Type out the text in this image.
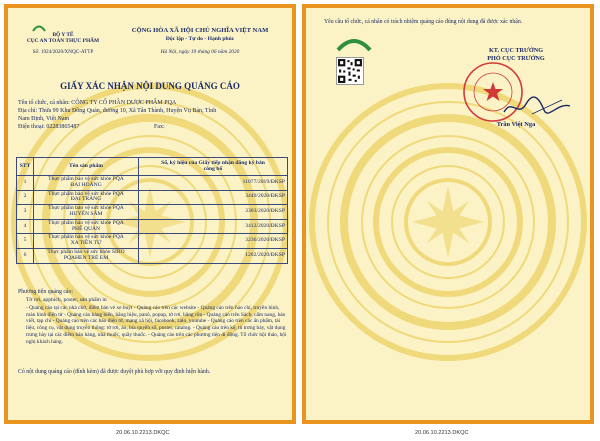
BỘ Y TẾ
CỤC AN TOÀN THỰC PHẨM
CỘNG HÒA XÃ HỘI CHỦ NGHĨA VIỆT NAM
Độc lập - Tự do - Hạnh phúc
Số: 1924/2020/XNQC-ATTP	Hà Nội, ngày 19 tháng 06 năm 2020
GIẤY XÁC NHẬN NỘI DUNG QUẢNG CÁO
Tên tổ chức, cá nhân: CÔNG TY CỔ PHẦN DƯỢC PHẨM PQA
Địa chỉ: Thửa 99 Khu Đồng Quán, đường 10, Xã Tân Thành, Huyện Vụ Bản, Tỉnh
Nam Định, Việt Nam
Điện thoại: 02283865487	Fax:
STT	Tên sản phẩm	Số, ký hiệu của Giấy tiếp nhận đăng ký bản
công bố
1	Thực phẩm bảo vệ sức khỏe PQA
ĐẠI HOÀNG	11077/2019/ĐKSP
2	Thực phẩm bảo vệ sức khỏe PQA
ĐẠI TRÀNG	3449/2020/ĐKSP
3	Thực phẩm bảo vệ sức khỏe PQA
HUYẾN SÂM	3303/2020/ĐKSP
4	Thực phẩm bảo vệ sức khỏe PQA
PHẾ QUẢN	3412/2020/ĐKSP
5	Thực phẩm bảo vệ sức khỏe PQA
XA TIỀN TỬ	3236/2020/ĐKSP
6	Thực phẩm bảo vệ sức khỏe SIRO
PQAHEN TRẺ EM	1202/2020/ĐKSP
Phương tiện quảng cáo:
Tờ rơi, apphich, poster, sản phẩm in
- Quảng cáo tại các nhà chờ, điểm bán vé xe buýt - Quảng cáo trên các website - Quảng cáo trên báo chí, truyền hình, màn hình điện tử - Quảng cáo bảng biển, băng hiệu, panô, popup, tờ rơi, băng rôn - Quảng cáo trên Sách, cẩm nang, báo viết, tạp chí - Quảng cáo trên các báo điện tử, mạng xã hội, facebook, zalo, youtube - Quảng cáo trên các ấn phẩm, tài liệu, công cụ, vật dụng truyền thông: tờ rơi, áo, bìa quyển sổ, poster, catalog. - Quảng cáo trên kệ, tủ trưng bày, vật dụng trưng bày tại các điểm bán hàng, nhà thuốc, quầy thuốc. - Quảng cáo trên các phương tiện di động. Tổ chức hội thảo, hội nghị khách hàng.
Có nội dung quảng cáo (đính kèm) đã được duyệt phù hợp với quy định hiện hành.
20.06.10.2213.DKQC
Yêu cầu tổ chức, cá nhân có trách nhiệm quảng cáo đúng nội dung đã được xác nhận.
KT. CỤC TRƯỞNG
PHÓ CỤC TRƯỞNG
Trần Việt Nga
20.06.10.2213.DKQC
